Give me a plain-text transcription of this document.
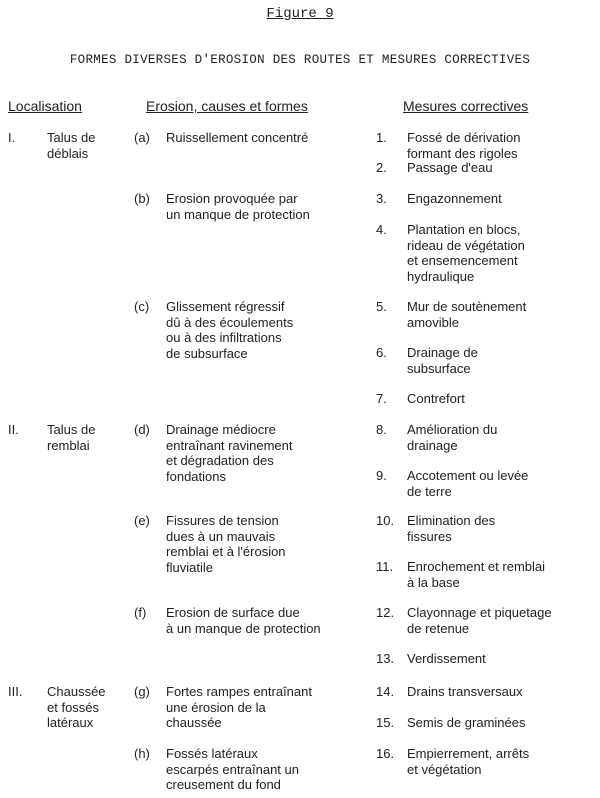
Figure 9
FORMES DIVERSES D'EROSION DES ROUTES ET MESURES CORRECTIVES
Localisation	Erosion, causes et formes	Mesures correctives
I. Talus de
déblais
II. Talus de
remblai
III. Chaussée
et fossés
latéraux
(a) Ruissellement concentré
(b) Erosion provoquée par
un manque de protection
(c) Glissement régressif
dû à des écoulements
ou à des infiltrations
de subsurface
(d) Drainage médiocre
entraînant ravinement
et dégradation des
fondations
(e) Fissures de tension
dues à un mauvais
remblai et à l'érosion
fluviatile
(f) Erosion de surface due
à un manque de protection
(g) Fortes rampes entraînant
une érosion de la
chaussée
(h) Fossés latéraux
escarpés entraînant un
creusement du fond
1. Fossé de dérivation
formant des rigoles
2. Passage d'eau
3. Engazonnement
4. Plantation en blocs,
rideau de végétation
et ensemencement
hydraulique
5. Mur de soutènement
amovible
6. Drainage de
subsurface
7. Contrefort
8. Amélioration du
drainage
9. Accotement ou levée
de terre
10. Elimination des
fissures
11. Enrochement et remblai
à la base
12. Clayonnage et piquetage
de retenue
13. Verdissement
14. Drains transversaux
15. Semis de graminées
16. Empierrement, arrêts
et végétation
